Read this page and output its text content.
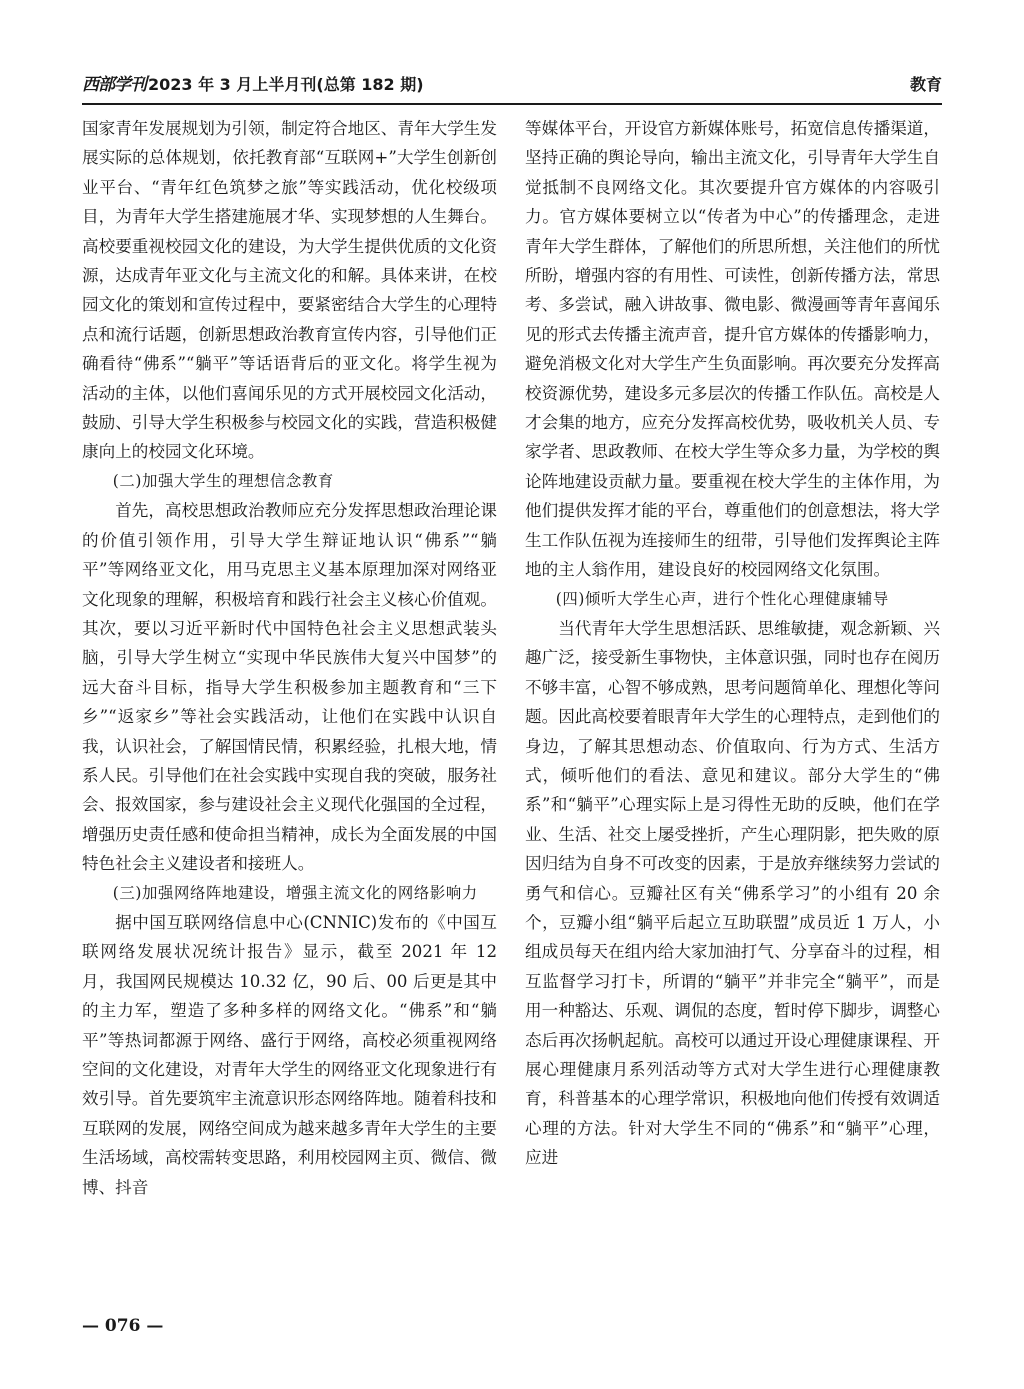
西部学刊 2023 年 3 月上半月刊(总第 182 期)	教育

国家青年发展规划为引领，制定符合地区、青年大学生发展实际的总体规划，依托教育部“互联网+”大学生创新创业平台、“青年红色筑梦之旅”等实践活动，优化校级项目，为青年大学生搭建施展才华、实现梦想的人生舞台。高校要重视校园文化的建设，为大学生提供优质的文化资源，达成青年亚文化与主流文化的和解。具体来讲，在校园文化的策划和宣传过程中，要紧密结合大学生的心理特点和流行话题，创新思想政治教育宣传内容，引导他们正确看待“佛系”“躺平”等话语背后的亚文化。将学生视为活动的主体，以他们喜闻乐见的方式开展校园文化活动，鼓励、引导大学生积极参与校园文化的实践，营造积极健康向上的校园文化环境。

(二)加强大学生的理想信念教育

首先，高校思想政治教师应充分发挥思想政治理论课的价值引领作用，引导大学生辩证地认识“佛系”“躺平”等网络亚文化，用马克思主义基本原理加深对网络亚文化现象的理解，积极培育和践行社会主义核心价值观。其次，要以习近平新时代中国特色社会主义思想武装头脑，引导大学生树立“实现中华民族伟大复兴中国梦”的远大奋斗目标，指导大学生积极参加主题教育和“三下乡”“返家乡”等社会实践活动，让他们在实践中认识自我，认识社会，了解国情民情，积累经验，扎根大地，情系人民。引导他们在社会实践中实现自我的突破，服务社会、报效国家，参与建设社会主义现代化强国的全过程，增强历史责任感和使命担当精神，成长为全面发展的中国特色社会主义建设者和接班人。

(三)加强网络阵地建设，增强主流文化的网络影响力

据中国互联网络信息中心(CNNIC)发布的《中国互联网络发展状况统计报告》显示，截至 2021 年 12 月，我国网民规模达 10.32 亿，90 后、00 后更是其中的主力军，塑造了多种多样的网络文化。“佛系”和“躺平”等热词都源于网络、盛行于网络，高校必须重视网络空间的文化建设，对青年大学生的网络亚文化现象进行有效引导。首先要筑牢主流意识形态网络阵地。随着科技和互联网的发展，网络空间成为越来越多青年大学生的主要生活场域，高校需转变思路，利用校园网主页、微信、微博、抖音

等媒体平台，开设官方新媒体账号，拓宽信息传播渠道，坚持正确的舆论导向，输出主流文化，引导青年大学生自觉抵制不良网络文化。其次要提升官方媒体的内容吸引力。官方媒体要树立以“传者为中心”的传播理念，走进青年大学生群体，了解他们的所思所想，关注他们的所忧所盼，增强内容的有用性、可读性，创新传播方法，常思考、多尝试，融入讲故事、微电影、微漫画等青年喜闻乐见的形式去传播主流声音，提升官方媒体的传播影响力，避免消极文化对大学生产生负面影响。再次要充分发挥高校资源优势，建设多元多层次的传播工作队伍。高校是人才会集的地方，应充分发挥高校优势，吸收机关人员、专家学者、思政教师、在校大学生等众多力量，为学校的舆论阵地建设贡献力量。要重视在校大学生的主体作用，为他们提供发挥才能的平台，尊重他们的创意想法，将大学生工作队伍视为连接师生的纽带，引导他们发挥舆论主阵地的主人翁作用，建设良好的校园网络文化氛围。

(四)倾听大学生心声，进行个性化心理健康辅导

当代青年大学生思想活跃、思维敏捷，观念新颖、兴趣广泛，接受新生事物快，主体意识强，同时也存在阅历不够丰富，心智不够成熟，思考问题简单化、理想化等问题。因此高校要着眼青年大学生的心理特点，走到他们的身边，了解其思想动态、价值取向、行为方式、生活方式，倾听他们的看法、意见和建议。部分大学生的“佛系”和“躺平”心理实际上是习得性无助的反映，他们在学业、生活、社交上屡受挫折，产生心理阴影，把失败的原因归结为自身不可改变的因素，于是放弃继续努力尝试的勇气和信心。豆瓣社区有关“佛系学习”的小组有 20 余个，豆瓣小组“躺平后起立互助联盟”成员近 1 万人，小组成员每天在组内给大家加油打气、分享奋斗的过程，相互监督学习打卡，所谓的“躺平”并非完全“躺平”，而是用一种豁达、乐观、调侃的态度，暂时停下脚步，调整心态后再次扬帆起航。高校可以通过开设心理健康课程、开展心理健康月系列活动等方式对大学生进行心理健康教育，科普基本的心理学常识，积极地向他们传授有效调适心理的方法。针对大学生不同的“佛系”和“躺平”心理，应进

— 076 —
